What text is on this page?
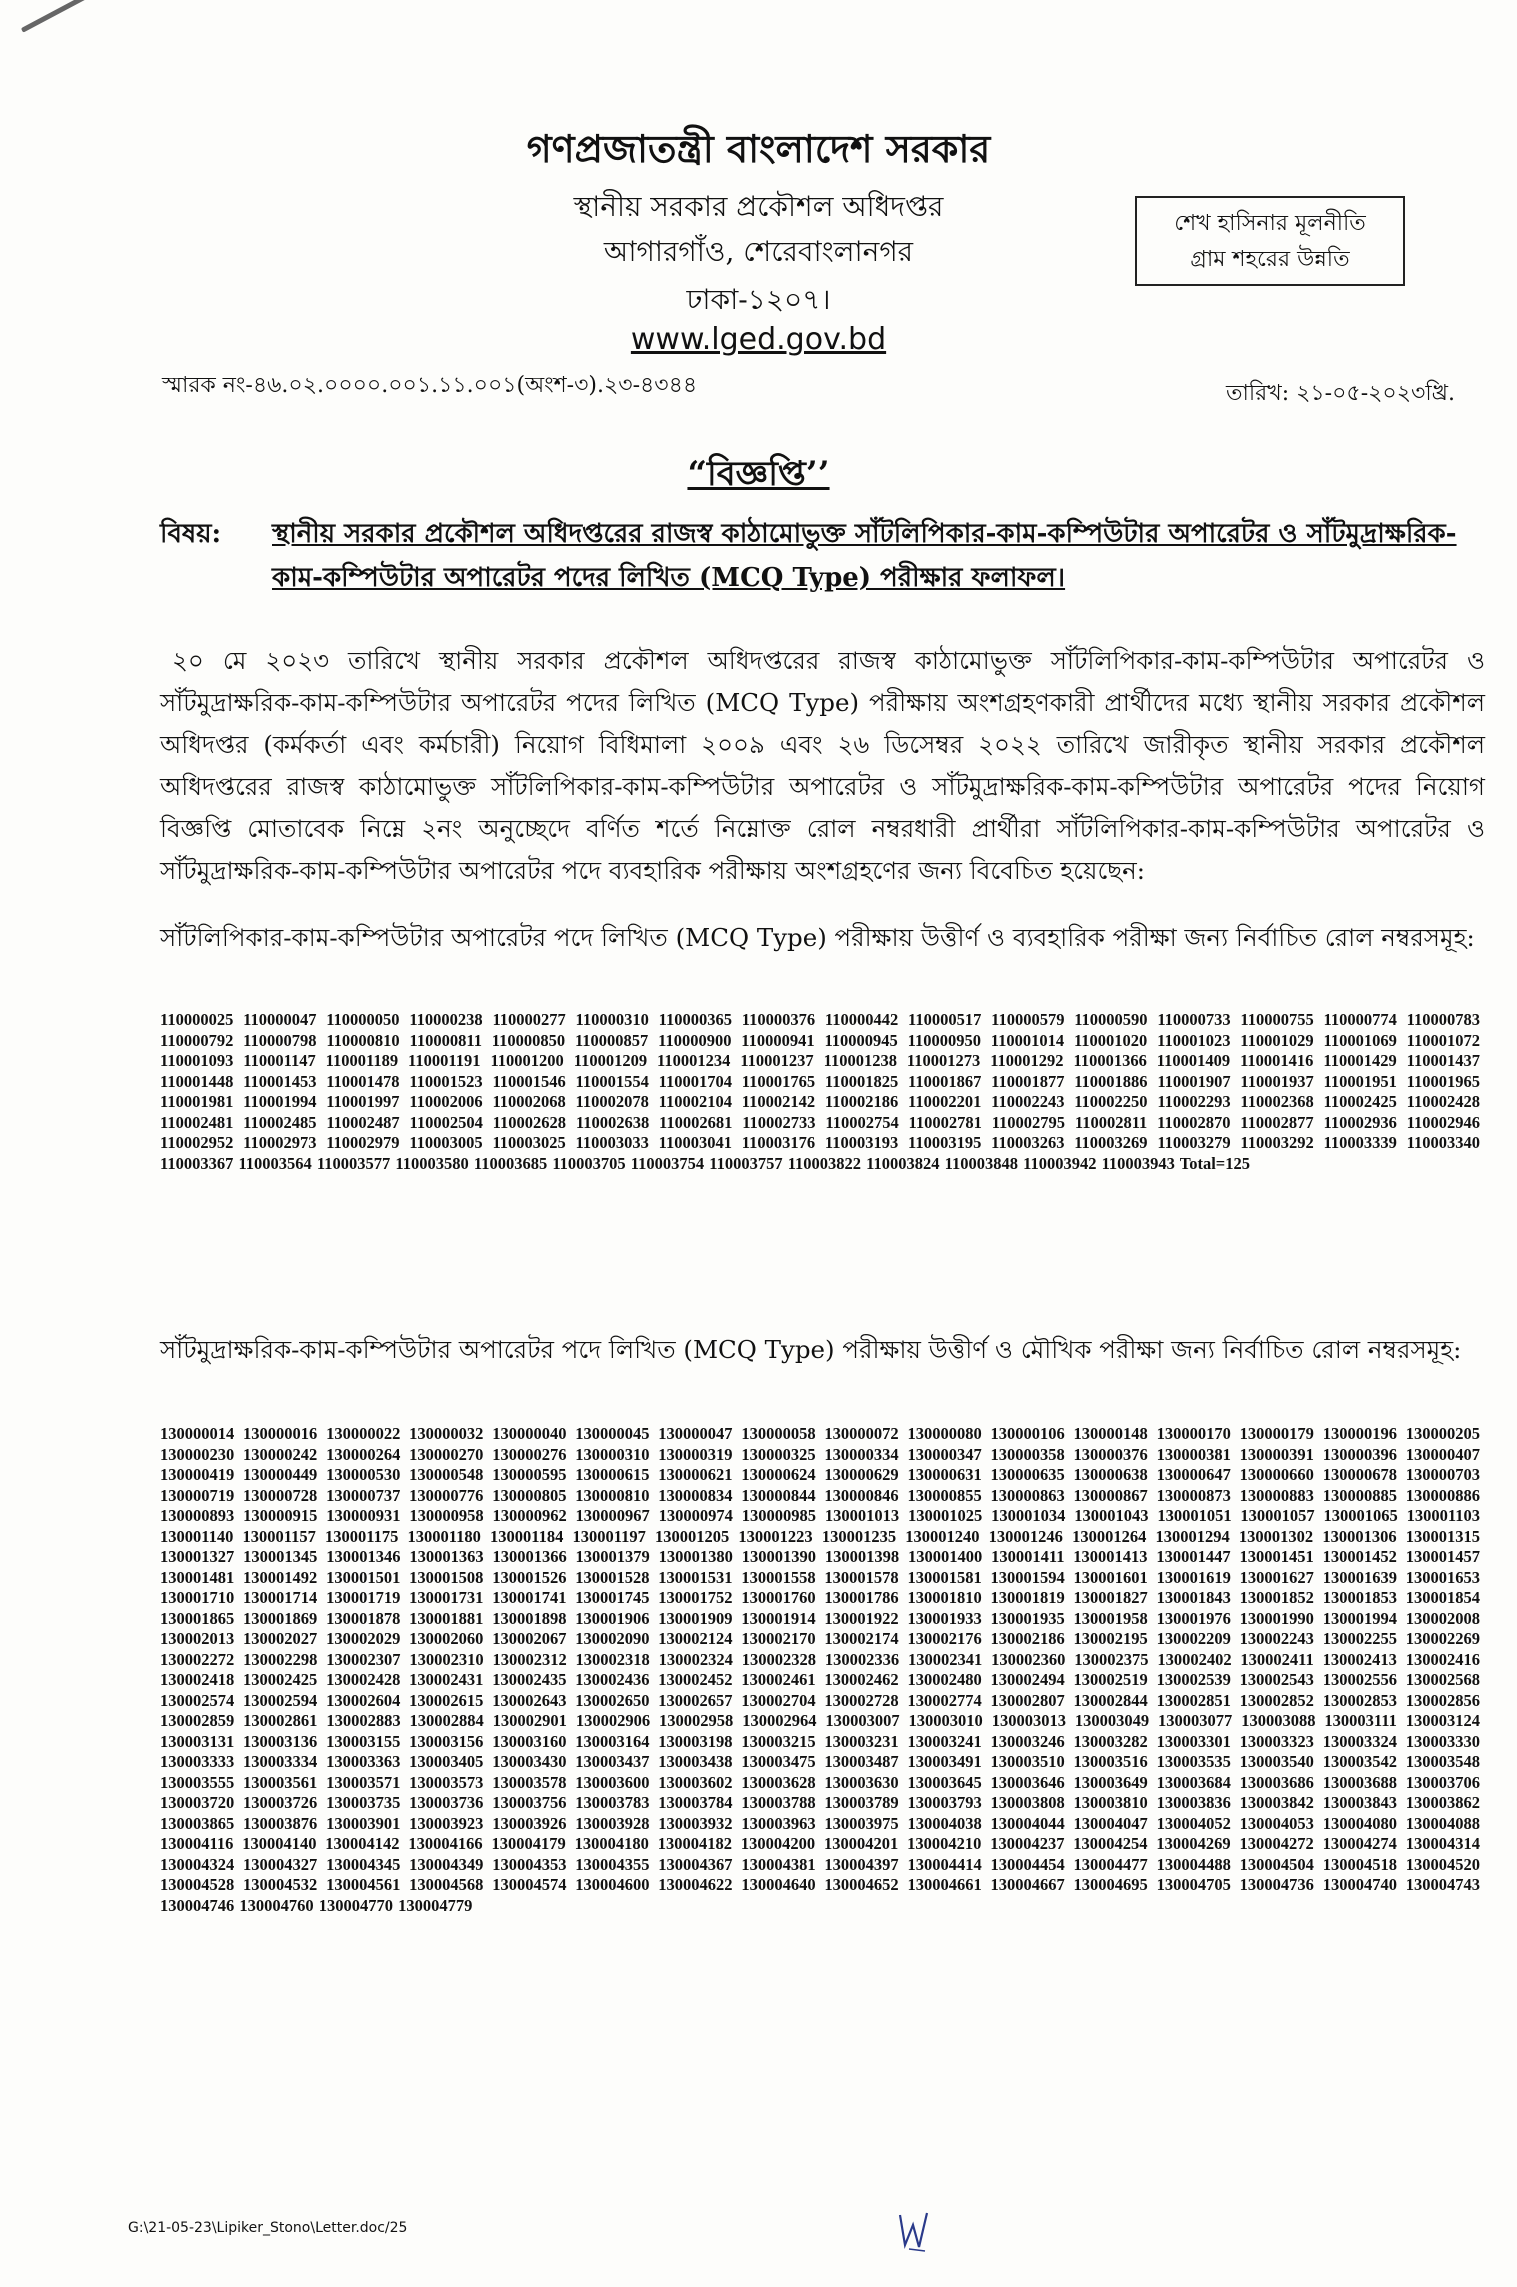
গণপ্রজাতন্ত্রী বাংলাদেশ সরকার
স্থানীয় সরকার প্রকৌশল অধিদপ্তর
আগারগাঁও, শেরেবাংলানগর
ঢাকা-১২০৭।
www.lged.gov.bd
শেখ হাসিনার মূলনীতি
গ্রাম শহরের উন্নতি
স্মারক নং-৪৬.০২.০০০০.০০১.১১.০০১(অংশ-৩).২৩-৪৩৪৪	তারিখ: ২১-০৫-২০২৩খ্রি.
“বিজ্ঞপ্তি’’
বিষয়: স্থানীয় সরকার প্রকৌশল অধিদপ্তরের রাজস্ব কাঠামোভুক্ত সাঁটলিপিকার-কাম-কম্পিউটার অপারেটর ও সাঁটমুদ্রাক্ষরিক-কাম-কম্পিউটার অপারেটর পদের লিখিত (MCQ Type) পরীক্ষার ফলাফল।
২০ মে ২০২৩ তারিখে স্থানীয় সরকার প্রকৌশল অধিদপ্তরের রাজস্ব কাঠামোভুক্ত সাঁটলিপিকার-কাম-কম্পিউটার অপারেটর ও সাঁটমুদ্রাক্ষরিক-কাম-কম্পিউটার অপারেটর পদের লিখিত (MCQ Type) পরীক্ষায় অংশগ্রহণকারী প্রার্থীদের মধ্যে স্থানীয় সরকার প্রকৌশল অধিদপ্তর (কর্মকর্তা এবং কর্মচারী) নিয়োগ বিধিমালা ২০০৯ এবং ২৬ ডিসেম্বর ২০২২ তারিখে জারীকৃত স্থানীয় সরকার প্রকৌশল অধিদপ্তরের রাজস্ব কাঠামোভুক্ত সাঁটলিপিকার-কাম-কম্পিউটার অপারেটর ও সাঁটমুদ্রাক্ষরিক-কাম-কম্পিউটার অপারেটর পদের নিয়োগ বিজ্ঞপ্তি মোতাবেক নিম্নে ২নং অনুচ্ছেদে বর্ণিত শর্তে নিম্নোক্ত রোল নম্বরধারী প্রার্থীরা সাঁটলিপিকার-কাম-কম্পিউটার অপারেটর ও সাঁটমুদ্রাক্ষরিক-কাম-কম্পিউটার অপারেটর পদে ব্যবহারিক পরীক্ষায় অংশগ্রহণের জন্য বিবেচিত হয়েছেন:
সাঁটলিপিকার-কাম-কম্পিউটার অপারেটর পদে লিখিত (MCQ Type) পরীক্ষায় উত্তীর্ণ ও ব্যবহারিক পরীক্ষা জন্য নির্বাচিত রোল নম্বরসমূহ:
110000025 110000047 110000050 110000238 110000277 110000310 110000365 110000376 110000442 110000517 110000579 110000590 110000733 110000755 110000774 110000783 110000792 110000798 110000810 110000811 110000850 110000857 110000900 110000941 110000945 110000950 110001014 110001020 110001023 110001029 110001069 110001072 110001093 110001147 110001189 110001191 110001200 110001209 110001234 110001237 110001238 110001273 110001292 110001366 110001409 110001416 110001429 110001437 110001448 110001453 110001478 110001523 110001546 110001554 110001704 110001765 110001825 110001867 110001877 110001886 110001907 110001937 110001951 110001965 110001981 110001994 110001997 110002006 110002068 110002078 110002104 110002142 110002186 110002201 110002243 110002250 110002293 110002368 110002425 110002428 110002481 110002485 110002487 110002504 110002628 110002638 110002681 110002733 110002754 110002781 110002795 110002811 110002870 110002877 110002936 110002946 110002952 110002973 110002979 110003005 110003025 110003033 110003041 110003176 110003193 110003195 110003263 110003269 110003279 110003292 110003339 110003340 110003367 110003564 110003577 110003580 110003685 110003705 110003754 110003757 110003822 110003824 110003848 110003942 110003943 Total=125
সাঁটমুদ্রাক্ষরিক-কাম-কম্পিউটার অপারেটর পদে লিখিত (MCQ Type) পরীক্ষায় উত্তীর্ণ ও মৌখিক পরীক্ষা জন্য নির্বাচিত রোল নম্বরসমূহ:
130000014 130000016 130000022 130000032 130000040 130000045 130000047 130000058 130000072 130000080 130000106 130000148 130000170 130000179 130000196 130000205 130000230 130000242 130000264 130000270 130000276 130000310 130000319 130000325 130000334 130000347 130000358 130000376 130000381 130000391 130000396 130000407 130000419 130000449 130000530 130000548 130000595 130000615 130000621 130000624 130000629 130000631 130000635 130000638 130000647 130000660 130000678 130000703 130000719 130000728 130000737 130000776 130000805 130000810 130000834 130000844 130000846 130000855 130000863 130000867 130000873 130000883 130000885 130000886 130000893 130000915 130000931 130000958 130000962 130000967 130000974 130000985 130001013 130001025 130001034 130001043 130001051 130001057 130001065 130001103 130001140 130001157 130001175 130001180 130001184 130001197 130001205 130001223 130001235 130001240 130001246 130001264 130001294 130001302 130001306 130001315 130001327 130001345 130001346 130001363 130001366 130001379 130001380 130001390 130001398 130001400 130001411 130001413 130001447 130001451 130001452 130001457 130001481 130001492 130001501 130001508 130001526 130001528 130001531 130001558 130001578 130001581 130001594 130001601 130001619 130001627 130001639 130001653 130001710 130001714 130001719 130001731 130001741 130001745 130001752 130001760 130001786 130001810 130001819 130001827 130001843 130001852 130001853 130001854 130001865 130001869 130001878 130001881 130001898 130001906 130001909 130001914 130001922 130001933 130001935 130001958 130001976 130001990 130001994 130002008 130002013 130002027 130002029 130002060 130002067 130002090 130002124 130002170 130002174 130002176 130002186 130002195 130002209 130002243 130002255 130002269 130002272 130002298 130002307 130002310 130002312 130002318 130002324 130002328 130002336 130002341 130002360 130002375 130002402 130002411 130002413 130002416 130002418 130002425 130002428 130002431 130002435 130002436 130002452 130002461 130002462 130002480 130002494 130002519 130002539 130002543 130002556 130002568 130002574 130002594 130002604 130002615 130002643 130002650 130002657 130002704 130002728 130002774 130002807 130002844 130002851 130002852 130002853 130002856 130002859 130002861 130002883 130002884 130002901 130002906 130002958 130002964 130003007 130003010 130003013 130003049 130003077 130003088 130003111 130003124 130003131 130003136 130003155 130003156 130003160 130003164 130003198 130003215 130003231 130003241 130003246 130003282 130003301 130003323 130003324 130003330 130003333 130003334 130003363 130003405 130003430 130003437 130003438 130003475 130003487 130003491 130003510 130003516 130003535 130003540 130003542 130003548 130003555 130003561 130003571 130003573 130003578 130003600 130003602 130003628 130003630 130003645 130003646 130003649 130003684 130003686 130003688 130003706 130003720 130003726 130003735 130003736 130003756 130003783 130003784 130003788 130003789 130003793 130003808 130003810 130003836 130003842 130003843 130003862 130003865 130003876 130003901 130003923 130003926 130003928 130003932 130003963 130003975 130004038 130004044 130004047 130004052 130004053 130004080 130004088 130004116 130004140 130004142 130004166 130004179 130004180 130004182 130004200 130004201 130004210 130004237 130004254 130004269 130004272 130004274 130004314 130004324 130004327 130004345 130004349 130004353 130004355 130004367 130004381 130004397 130004414 130004454 130004477 130004488 130004504 130004518 130004520 130004528 130004532 130004561 130004568 130004574 130004600 130004622 130004640 130004652 130004661 130004667 130004695 130004705 130004736 130004740 130004743 130004746 130004760 130004770 130004779
G:\21-05-23\Lipiker_Stono\Letter.doc/25
